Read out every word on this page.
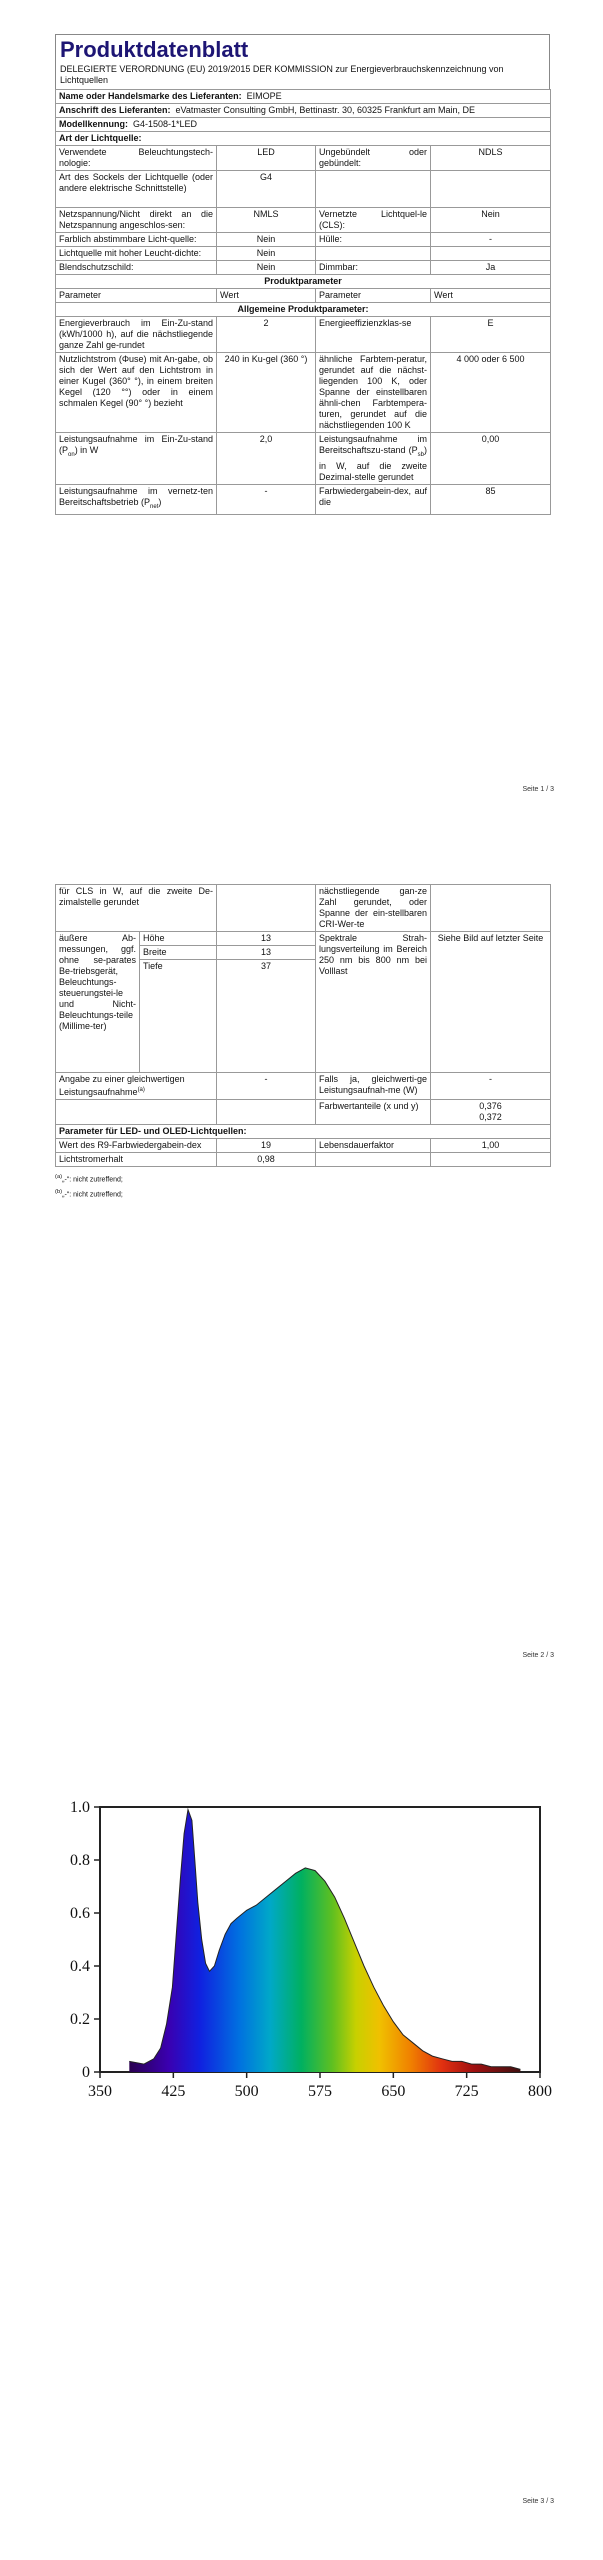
Produktdatenblatt
DELEGIERTE VERORDNUNG (EU) 2019/2015 DER KOMMISSION zur Energieverbrauchskennzeichnung von Lichtquellen
Name oder Handelsmarke des Lieferanten: EIMOPE			
Anschrift des Lieferanten: eVatmaster Consulting GmbH, Bettinastr. 30, 60325 Frankfurt am Main, DE			
Modellkennung: G4-1508-1*LED			
Art der Lichtquelle:			
Verwendete Beleuchtungstech-nologie:	LED	Ungebündelt oder gebündelt:	NDLS
Art des Sockels der Lichtquelle (oder andere elektrische Schnittstelle)	G4		
Netzspannung/Nicht direkt an die Netzspannung angeschlos-sen:	NMLS	Vernetzte Lichtquel-le (CLS):	Nein
Farblich abstimmbare Licht-quelle:	Nein	Hülle:	-
Lichtquelle mit hoher Leucht-dichte:	Nein		
Blendschutzschild:	Nein	Dimmbar:	Ja
Produktparameter			
Parameter	Wert	Parameter	Wert
Allgemeine Produktparameter:			
Energieverbrauch im Ein-Zu-stand (kWh/1000 h), auf die nächstliegende ganze Zahl ge-rundet	2	Energieeffizienzklas-se	E
Nutzlichtstrom (Φuse) mit An-gabe, ob sich der Wert auf den Lichtstrom in einer Kugel (360° °), in einem breiten Kegel (120 °°) oder in einem schmalen Kegel (90° °) bezieht	240 in Ku-gel (360 °)	ähnliche Farbtem-peratur, gerundet auf die nächst-liegenden 100 K, oder Spanne der einstellbaren ähnli-chen Farbtempera-turen, gerundet auf die nächstliegenden 100 K	4 000 oder 6 500
Leistungsaufnahme im Ein-Zu-stand $(P_{on})$ in W	2,0	Leistungsaufnahme im Bereitschaftszu-stand $(P_{sb})$ in W, auf die zweite Dezimal-stelle gerundet	0,00
Leistungsaufnahme im vernetz-ten Bereitschaftsbetrieb $(P_{net})$	-	Farbwiedergabein-dex, auf die	85
Seite 1 / 3
für CLS in W, auf die zweite De-zimalstelle gerundet			nächstliegende gan-ze Zahl gerundet, oder Spanne der ein-stellbaren CRI-Wer-te	
äußere Ab-messungen, ggf. ohne se-parates Be-triebsgerät, Beleuchtungs-steuerungstei-le und Nicht-Beleuchtungs-teile (Millime-ter)	Höhe	13	Spektrale Strah-lungsverteilung im Bereich 250 nm bis 800 nm bei Volllast	Siehe Bild auf letzter Seite
	Breite	13		
	Tiefe	37		
Angabe zu einer gleichwertigen Leistungsaufnahme$^{(a)}$		-	Falls ja, gleichwerti-ge Leistungsaufnah-me (W)	-
			Farbwertanteile (x und y)	0,376
0,372

Parameter für LED- und OLED-Lichtquellen:				
Wert des R9-Farbwiedergabein-dex		19	Lebensdauerfaktor	1,00
Lichtstromerhalt		0,98		
$^{(a)}$„-": nicht zutreffend;
$^{(b)}$„-": nicht zutreffend;
Seite 2 / 3
350	425	500	575	650	725	800
0
0.2
0.4
0.6
0.8
1.0
Seite 3 / 3
